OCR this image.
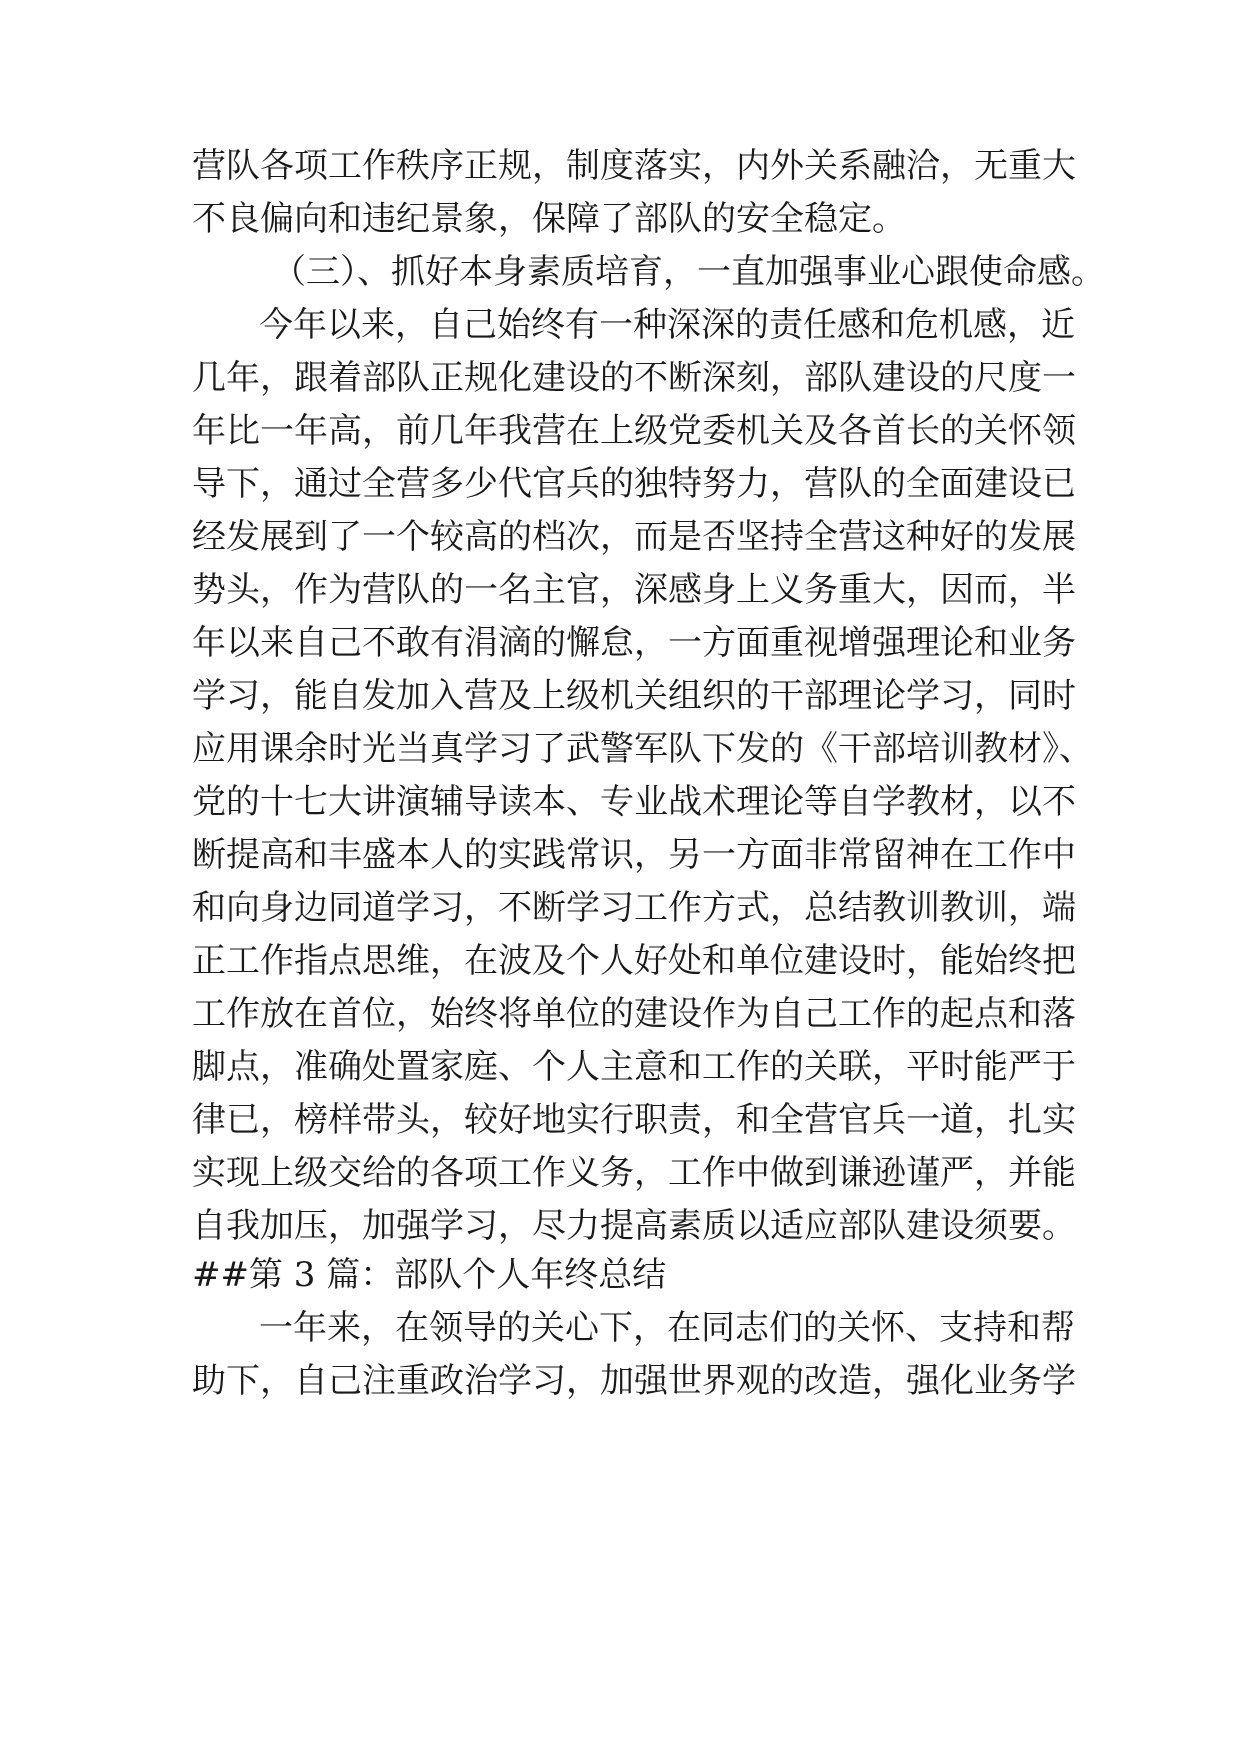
营队各项工作秩序正规，制度落实，内外关系融洽，无重大
不良偏向和违纪景象，保障了部队的安全稳定。
（三）、抓好本身素质培育，一直加强事业心跟使命感。
今年以来，自己始终有一种深深的责任感和危机感，近
几年，跟着部队正规化建设的不断深刻，部队建设的尺度一
年比一年高，前几年我营在上级党委机关及各首长的关怀领
导下，通过全营多少代官兵的独特努力，营队的全面建设已
经发展到了一个较高的档次，而是否坚持全营这种好的发展
势头，作为营队的一名主官，深感身上义务重大，因而，半
年以来自己不敢有涓滴的懈怠，一方面重视增强理论和业务
学习，能自发加入营及上级机关组织的干部理论学习，同时
应用课余时光当真学习了武警军队下发的《干部培训教材》、
党的十七大讲演辅导读本、专业战术理论等自学教材，以不
断提高和丰盛本人的实践常识，另一方面非常留神在工作中
和向身边同道学习，不断学习工作方式，总结教训教训，端
正工作指点思维，在波及个人好处和单位建设时，能始终把
工作放在首位，始终将单位的建设作为自己工作的起点和落
脚点，准确处置家庭、个人主意和工作的关联，平时能严于
律已，榜样带头，较好地实行职责，和全营官兵一道，扎实
实现上级交给的各项工作义务，工作中做到谦逊谨严，并能
自我加压，加强学习，尽力提高素质以适应部队建设须要。
##第 3 篇：部队个人年终总结
一年来，在领导的关心下，在同志们的关怀、支持和帮
助下，自己注重政治学习，加强世界观的改造，强化业务学
